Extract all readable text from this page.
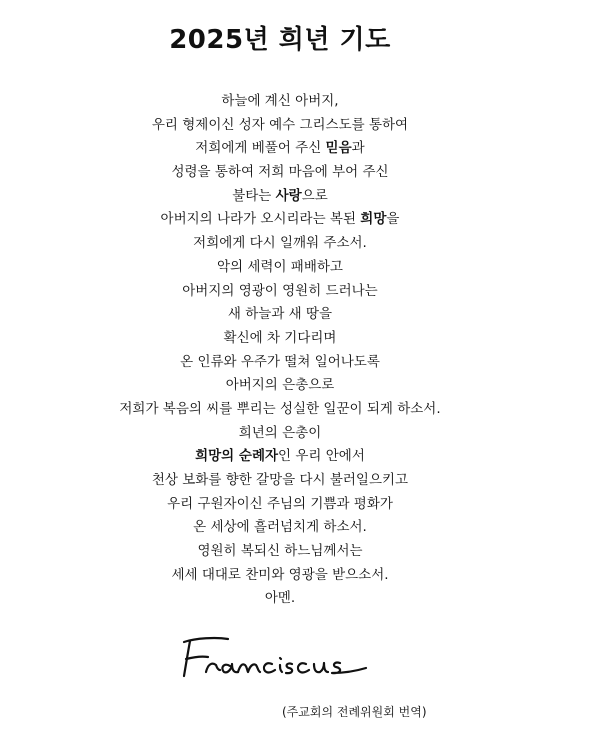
2025년 희년 기도
하늘에 계신 아버지,
우리 형제이신 성자 예수 그리스도를 통하여
저희에게 베풀어 주신 믿음과
성령을 통하여 저희 마음에 부어 주신
불타는 사랑으로
아버지의 나라가 오시리라는 복된 희망을
저희에게 다시 일깨워 주소서.
악의 세력이 패배하고
아버지의 영광이 영원히 드러나는
새 하늘과 새 땅을
확신에 차 기다리며
온 인류와 우주가 떨쳐 일어나도록
아버지의 은총으로
저희가 복음의 씨를 뿌리는 성실한 일꾼이 되게 하소서.
희년의 은총이
희망의 순례자인 우리 안에서
천상 보화를 향한 갈망을 다시 불러일으키고
우리 구원자이신 주님의 기쁨과 평화가
온 세상에 흘러넘치게 하소서.
영원히 복되신 하느님께서는
세세 대대로 찬미와 영광을 받으소서.
아멘.
(주교회의 전례위원회 번역)
